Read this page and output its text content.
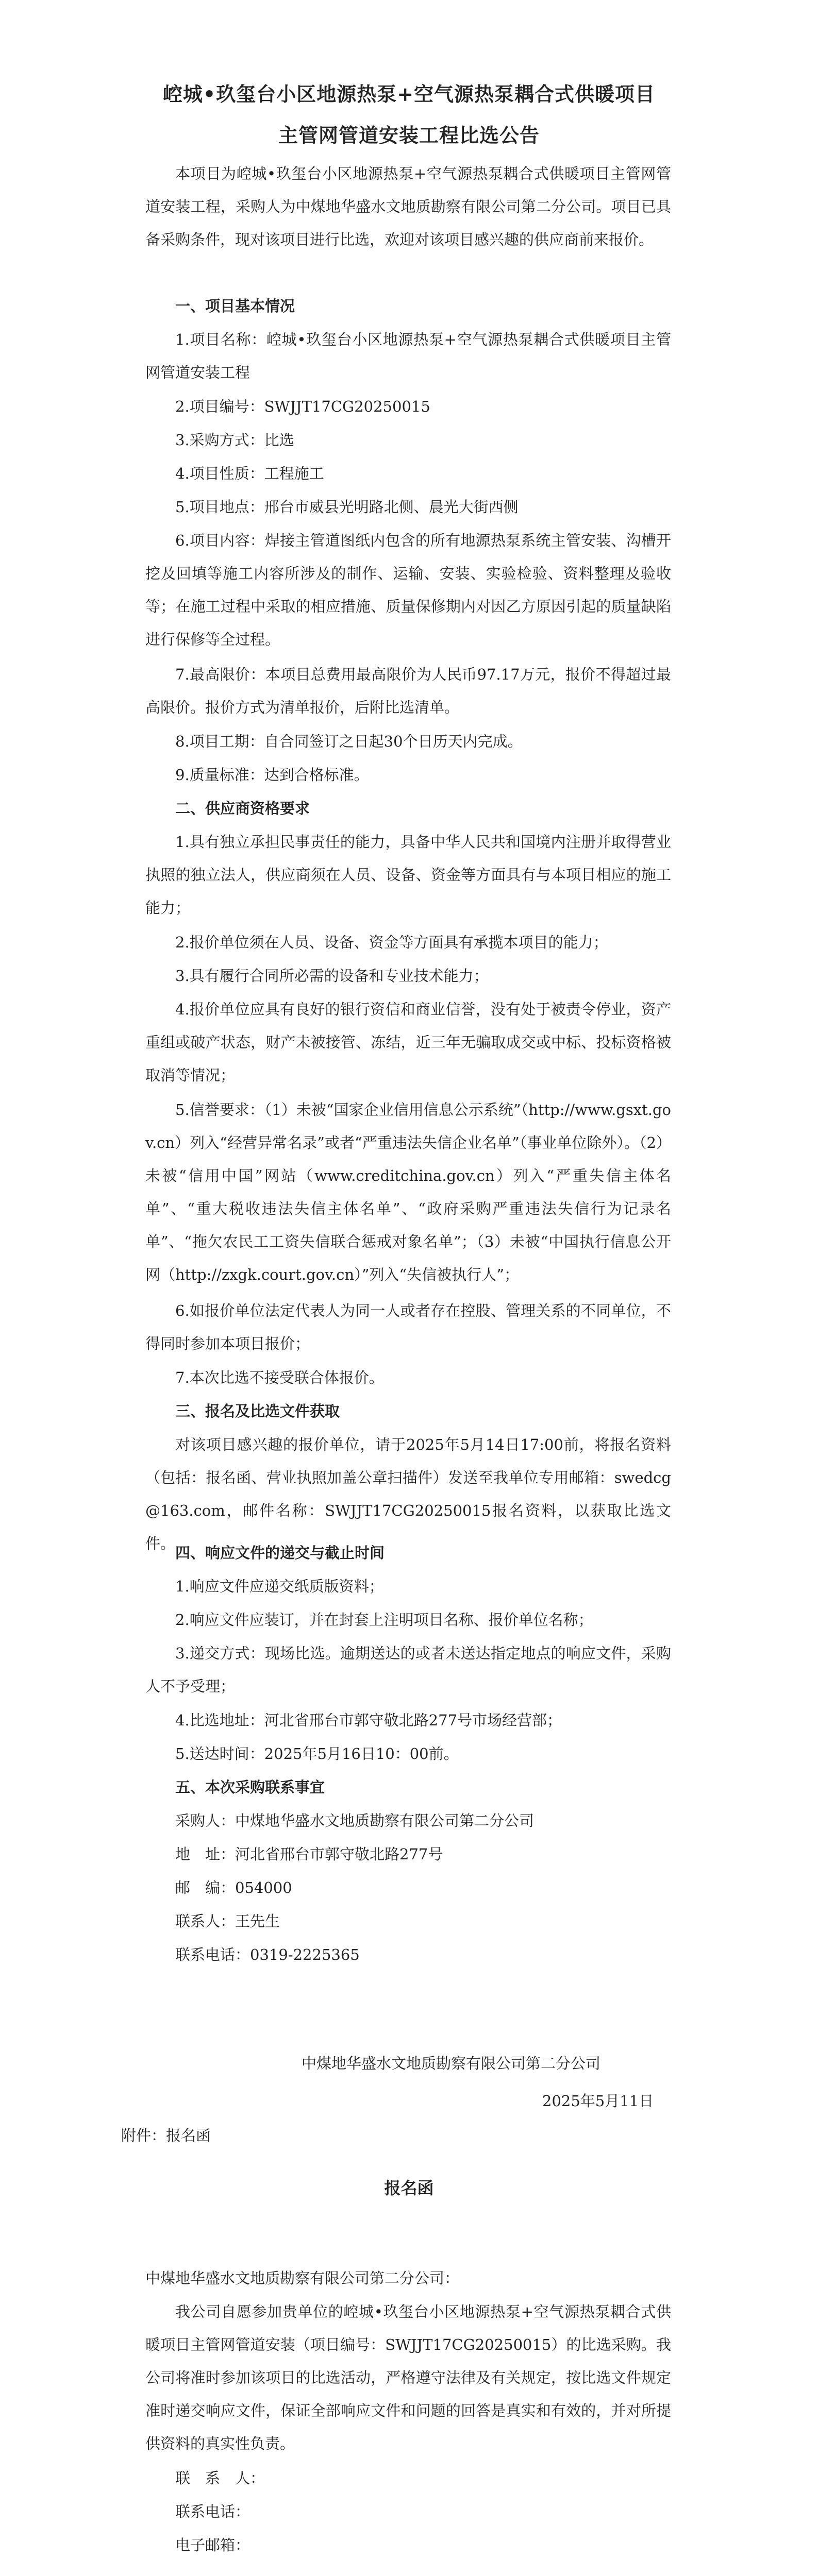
崆城•玖玺台小区地源热泵+空气源热泵耦合式供暖项目
主管网管道安装工程比选公告

本项目为崆城•玖玺台小区地源热泵+空气源热泵耦合式供暖项目主管网管道安装工程，采购人为中煤地华盛水文地质勘察有限公司第二分公司。项目已具备采购条件，现对该项目进行比选，欢迎对该项目感兴趣的供应商前来报价。

一、项目基本情况

1.项目名称：崆城•玖玺台小区地源热泵+空气源热泵耦合式供暖项目主管网管道安装工程

2.项目编号：SWJJT17CG20250015

3.采购方式：比选

4.项目性质：工程施工

5.项目地点：邢台市威县光明路北侧、晨光大街西侧

6.项目内容：焊接主管道图纸内包含的所有地源热泵系统主管安装、沟槽开挖及回填等施工内容所涉及的制作、运输、安装、实验检验、资料整理及验收等；在施工过程中采取的相应措施、质量保修期内对因乙方原因引起的质量缺陷进行保修等全过程。

7.最高限价：本项目总费用最高限价为人民币97.17万元，报价不得超过最高限价。报价方式为清单报价，后附比选清单。

8.项目工期：自合同签订之日起30个日历天内完成。

9.质量标准：达到合格标准。

二、供应商资格要求

1.具有独立承担民事责任的能力，具备中华人民共和国境内注册并取得营业执照的独立法人，供应商须在人员、设备、资金等方面具有与本项目相应的施工能力；

2.报价单位须在人员、设备、资金等方面具有承揽本项目的能力；

3.具有履行合同所必需的设备和专业技术能力；

4.报价单位应具有良好的银行资信和商业信誉，没有处于被责令停业，资产重组或破产状态，财产未被接管、冻结，近三年无骗取成交或中标、投标资格被取消等情况；

5.信誉要求：（1）未被“国家企业信用信息公示系统”（http://www.gsxt.gov.cn）列入“经营异常名录”或者“严重违法失信企业名单”（事业单位除外）。（2）未被“信用中国”网站（www.creditchina.gov.cn）列入“严重失信主体名单”、“重大税收违法失信主体名单”、“政府采购严重违法失信行为记录名单”、“拖欠农民工工资失信联合惩戒对象名单”；（3）未被“中国执行信息公开网（http://zxgk.court.gov.cn）”列入“失信被执行人”；

6.如报价单位法定代表人为同一人或者存在控股、管理关系的不同单位，不得同时参加本项目报价；

7.本次比选不接受联合体报价。

三、报名及比选文件获取

对该项目感兴趣的报价单位，请于2025年5月14日17:00前，将报名资料（包括：报名函、营业执照加盖公章扫描件）发送至我单位专用邮箱：swedcg@163.com，邮件名称：SWJJT17CG20250015报名资料，以获取比选文件。

四、响应文件的递交与截止时间

1.响应文件应递交纸质版资料；

2.响应文件应装订，并在封套上注明项目名称、报价单位名称；

3.递交方式：现场比选。逾期送达的或者未送达指定地点的响应文件，采购人不予受理；

4.比选地址：河北省邢台市郭守敬北路277号市场经营部；

5.送达时间：2025年5月16日10：00前。

五、本次采购联系事宜

采购人：中煤地华盛水文地质勘察有限公司第二分公司

地　址：河北省邢台市郭守敬北路277号

邮　编：054000

联系人：王先生

联系电话：0319-2225365

中煤地华盛水文地质勘察有限公司第二分公司
2025年5月11日
附件：报名函
报名函

中煤地华盛水文地质勘察有限公司第二分公司：

我公司自愿参加贵单位的崆城•玖玺台小区地源热泵+空气源热泵耦合式供暖项目主管网管道安装（项目编号：SWJJT17CG20250015）的比选采购。我公司将准时参加该项目的比选活动，严格遵守法律及有关规定，按比选文件规定准时递交响应文件，保证全部响应文件和问题的回答是真实和有效的，并对所提供资料的真实性负责。

联　系　人：
联系电话：
电子邮箱：
